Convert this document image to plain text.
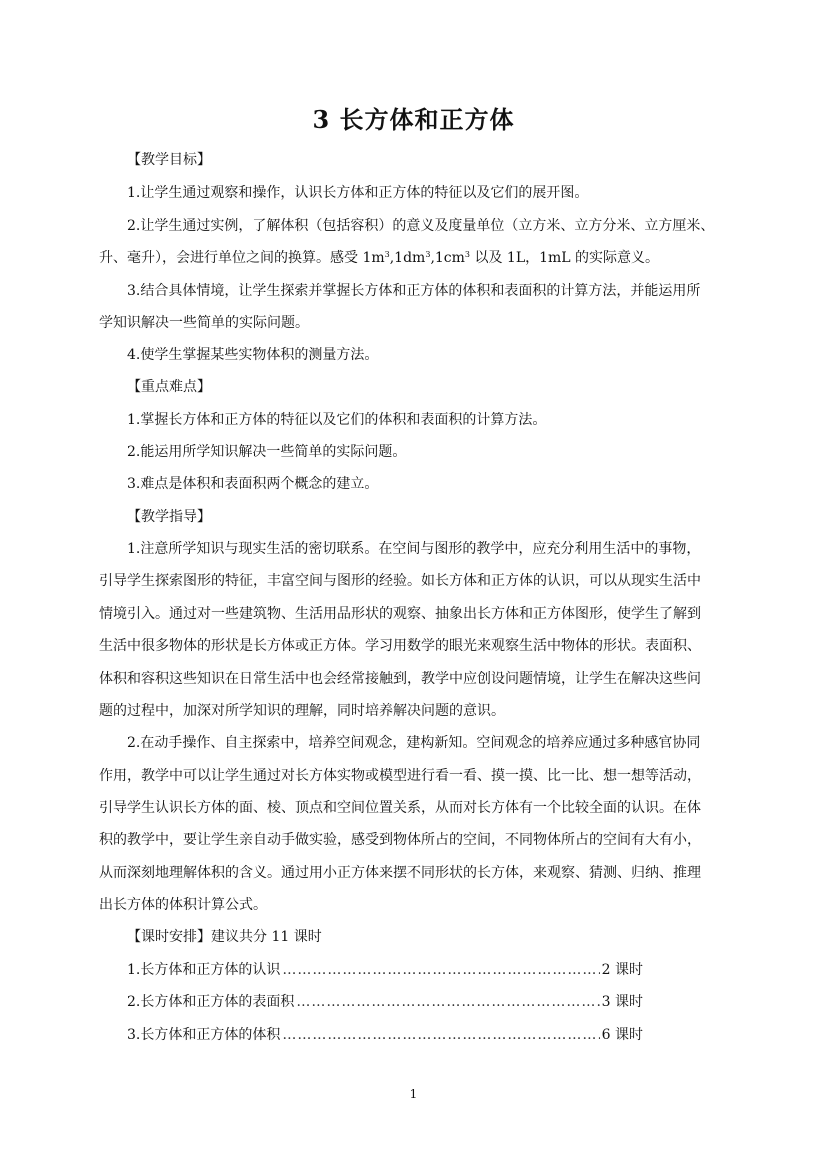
3 长方体和正方体
【教学目标】
1.让学生通过观察和操作，认识长方体和正方体的特征以及它们的展开图。
2.让学生通过实例，了解体积（包括容积）的意义及度量单位（立方米、立方分米、立方厘米、
升、毫升），会进行单位之间的换算。感受 $1m^3,1dm^3,1cm^3$ 以及 1L，1mL 的实际意义。
3.结合具体情境，让学生探索并掌握长方体和正方体的体积和表面积的计算方法，并能运用所
学知识解决一些简单的实际问题。
4.使学生掌握某些实物体积的测量方法。
【重点难点】
1.掌握长方体和正方体的特征以及它们的体积和表面积的计算方法。
2.能运用所学知识解决一些简单的实际问题。
3.难点是体积和表面积两个概念的建立。
【教学指导】
1.注意所学知识与现实生活的密切联系。在空间与图形的教学中，应充分利用生活中的事物，
引导学生探索图形的特征，丰富空间与图形的经验。如长方体和正方体的认识，可以从现实生活中
情境引入。通过对一些建筑物、生活用品形状的观察、抽象出长方体和正方体图形，使学生了解到
生活中很多物体的形状是长方体或正方体。学习用数学的眼光来观察生活中物体的形状。表面积、
体积和容积这些知识在日常生活中也会经常接触到，教学中应创设问题情境，让学生在解决这些问
题的过程中，加深对所学知识的理解，同时培养解决问题的意识。
2.在动手操作、自主探索中，培养空间观念，建构新知。空间观念的培养应通过多种感官协同
作用，教学中可以让学生通过对长方体实物或模型进行看一看、摸一摸、比一比、想一想等活动，
引导学生认识长方体的面、棱、顶点和空间位置关系，从而对长方体有一个比较全面的认识。在体
积的教学中，要让学生亲自动手做实验，感受到物体所占的空间，不同物体所占的空间有大有小，
从而深刻地理解体积的含义。通过用小正方体来摆不同形状的长方体，来观察、猜测、归纳、推理
出长方体的体积计算公式。
【课时安排】建议共分 11 课时
1.长方体和正方体的认识 ……………………………………………………………………………………………………………………………………	2 课时
2.长方体和正方体的表面积 ……………………………………………………………………………………………………………………………………	3 课时
3.长方体和正方体的体积 ……………………………………………………………………………………………………………………………………	6 课时
1
